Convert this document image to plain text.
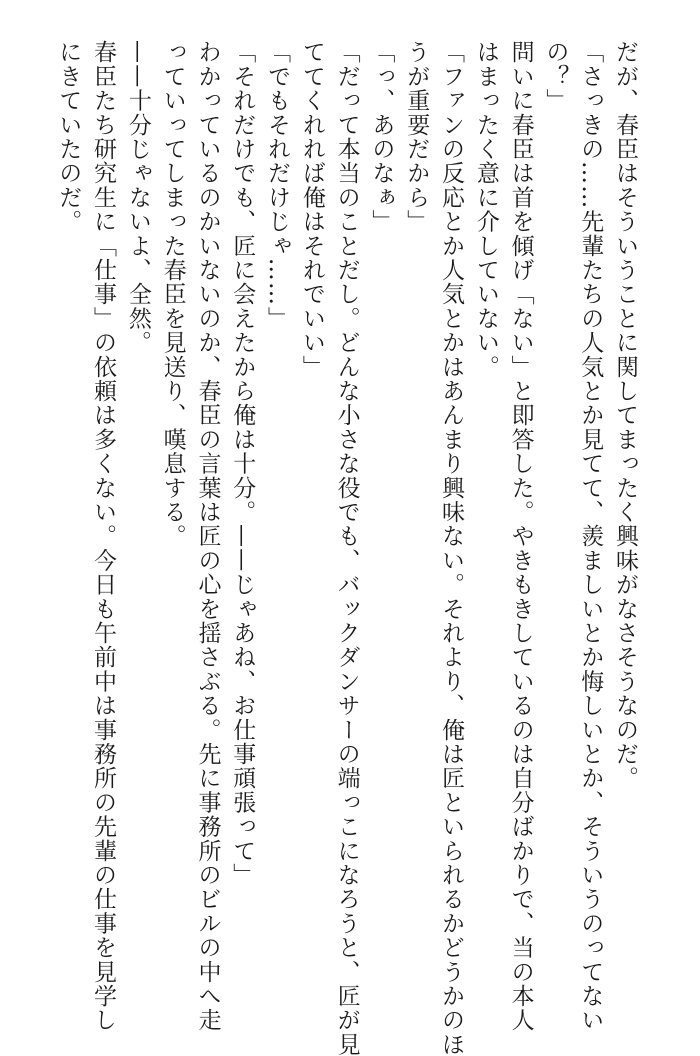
だが、春臣はそういうことに関してまったく興味がなさそうなのだ。
「さっきの……先輩たちの人気とか見てて、羨ましいとか悔しいとか、そういうのってない
の？」
問いに春臣は首を傾げ「ない」と即答した。やきもきしているのは自分ばかりで、当の本人
はまったく意に介していない。
「ファンの反応とか人気とかはあんまり興味ない。それより、俺は匠といられるかどうかのほ
うが重要だから」
「っ、あのなぁ」
「だって本当のことだし。どんな小さな役でも、バックダンサーの端っこになろうと、匠が見
ててくれれば俺はそれでいい」
「でもそれだけじゃ……」
「それだけでも、匠に会えたから俺は十分。——じゃあね、お仕事頑張って」
わかっているのかいないのか、春臣の言葉は匠の心を揺さぶる。先に事務所のビルの中へ走
っていってしまった春臣を見送り、嘆息する。
——十分じゃないよ、全然。
春臣たち研究生に「仕事」の依頼は多くない。今日も午前中は事務所の先輩の仕事を見学し
にきていたのだ。
